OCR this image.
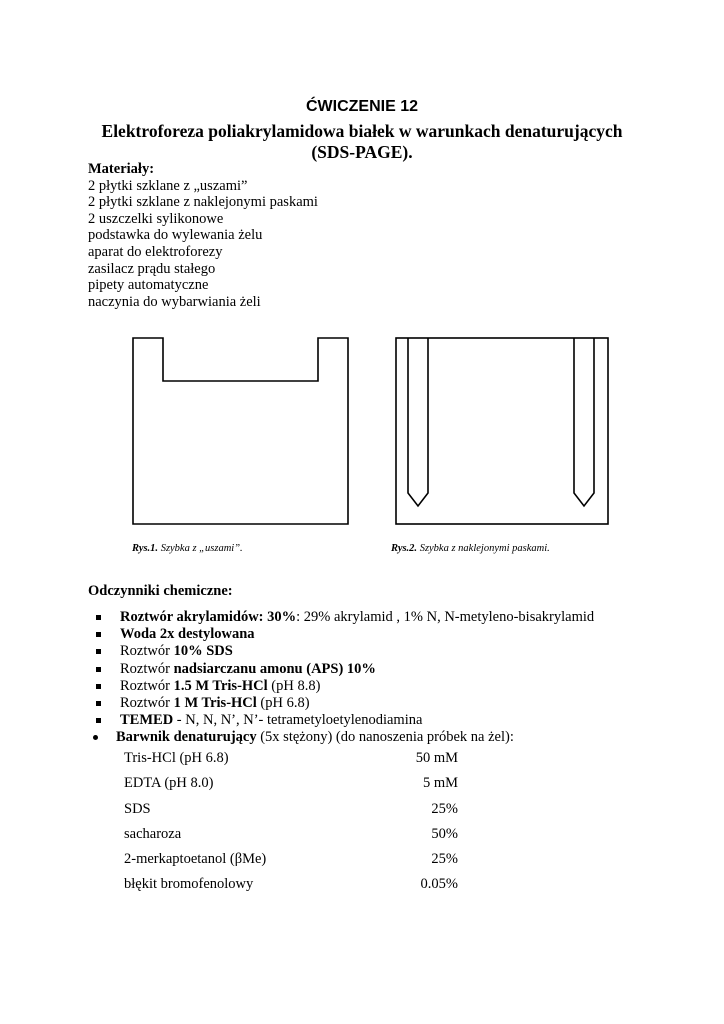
ĆWICZENIE 12
Elektroforeza poliakrylamidowa białek w warunkach denaturujących (SDS-PAGE).
Materiały:
2 płytki szklane z „uszami”
2 płytki szklane z naklejonymi paskami
2 uszczelki sylikonowe
podstawka do wylewania żelu
aparat do elektroforezy
zasilacz prądu stałego
pipety automatyczne
naczynia do wybarwiania żeli
Rys.1. Szybka z „uszami”.	Rys.2. Szybka z naklejonymi paskami.
Odczynniki chemiczne:
Roztwór akrylamidów: 30%: 29% akrylamid , 1% N, N-metyleno-bisakrylamid
Woda 2x destylowana
Roztwór 10% SDS
Roztwór nadsiarczanu amonu (APS) 10%
Roztwór 1.5 M Tris-HCl (pH 8.8)
Roztwór 1 M Tris-HCl (pH 6.8)
TEMED - N, N, N’, N’- tetrametyloetylenodiamina
Barwnik denaturujący (5x stężony) (do nanoszenia próbek na żel):
Tris-HCl (pH 6.8)	50 mM
EDTA (pH 8.0)	5 mM
SDS	25%
sacharoza	50%
2-merkaptoetanol (βMe)	25%
błękit bromofenolowy	0.05%
